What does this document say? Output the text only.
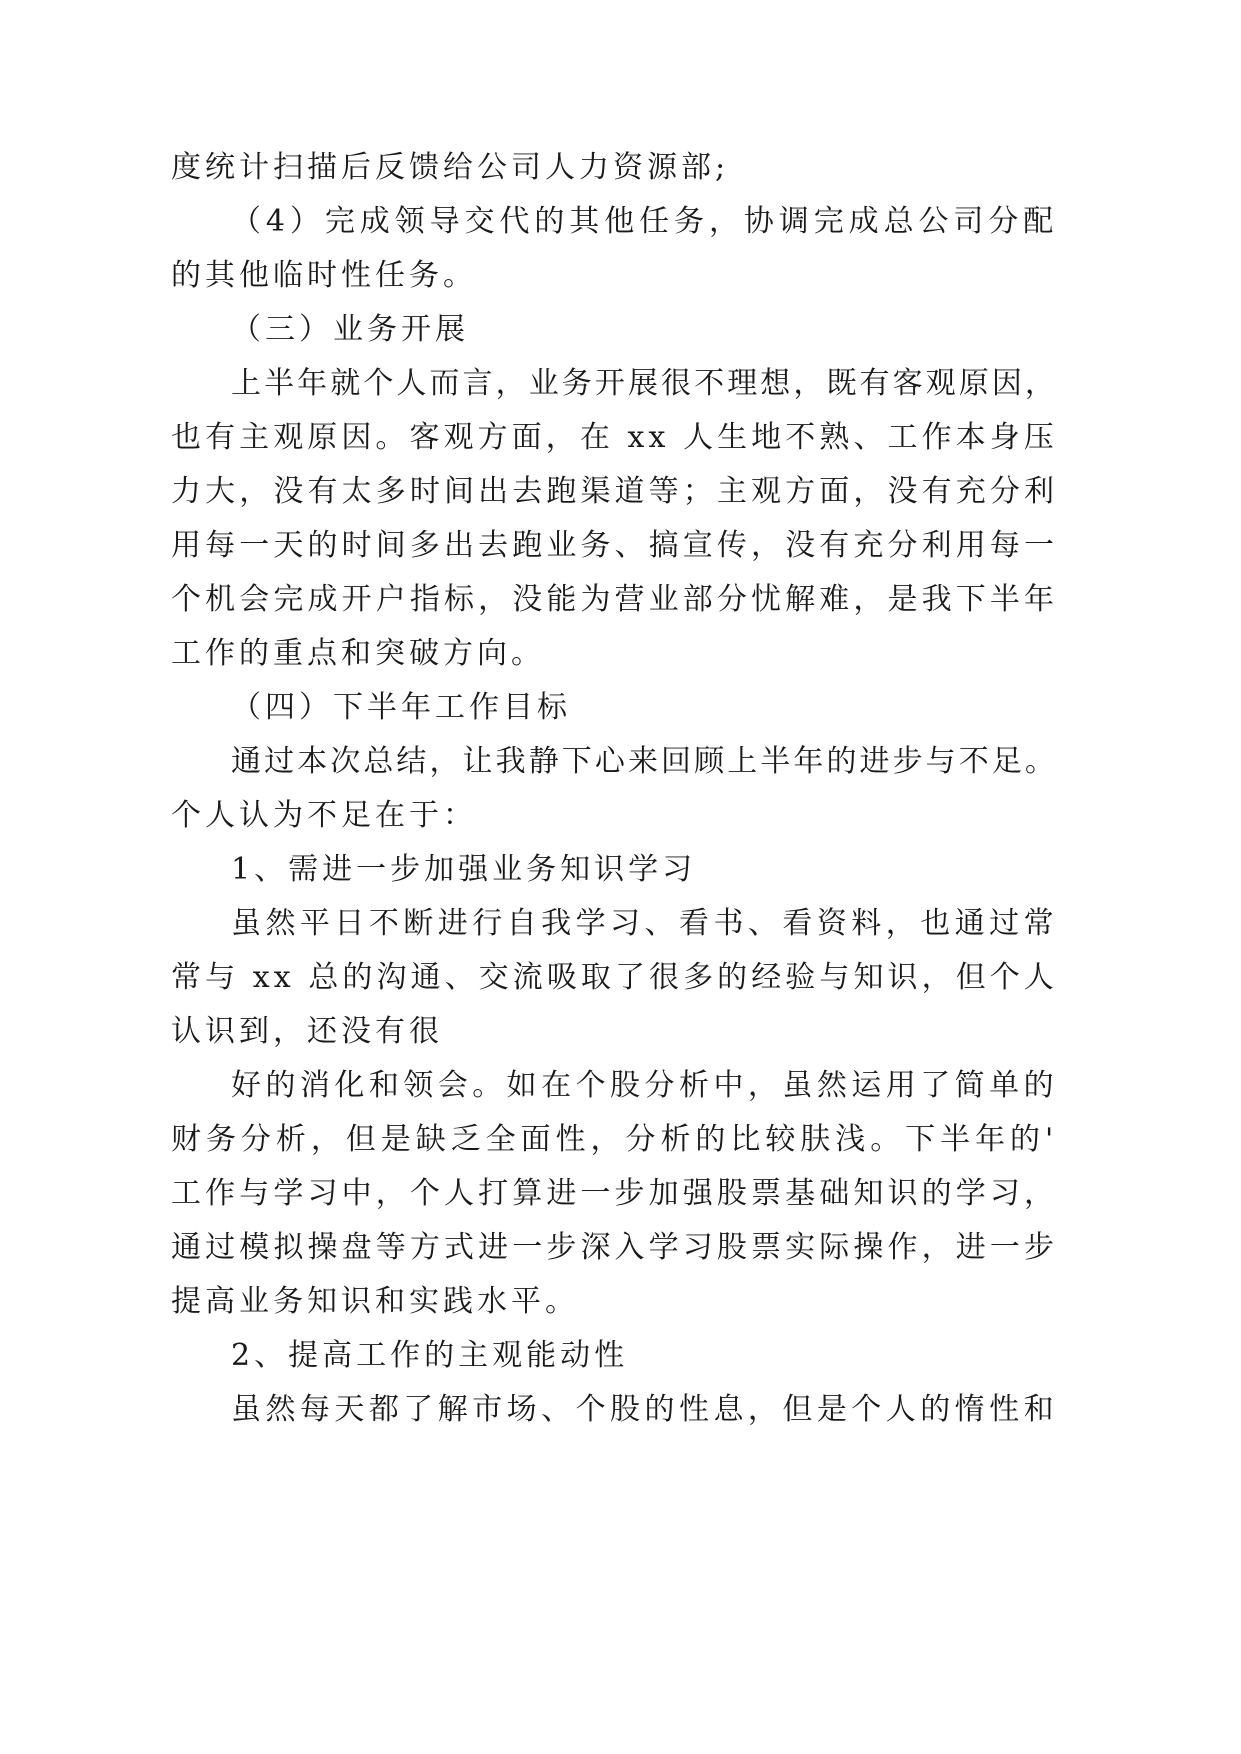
度统计扫描后反馈给公司人力资源部;
（4）完成领导交代的其他任务，协调完成总公司分配
的其他临时性任务。
（三）业务开展
上半年就个人而言，业务开展很不理想，既有客观原因，
也有主观原因。客观方面，在 xx 人生地不熟、工作本身压
力大，没有太多时间出去跑渠道等；主观方面，没有充分利
用每一天的时间多出去跑业务、搞宣传，没有充分利用每一
个机会完成开户指标，没能为营业部分忧解难，是我下半年
工作的重点和突破方向。
（四）下半年工作目标
通过本次总结，让我静下心来回顾上半年的进步与不足。
个人认为不足在于：
1、需进一步加强业务知识学习
虽然平日不断进行自我学习、看书、看资料，也通过常
常与 xx 总的沟通、交流吸取了很多的经验与知识，但个人
认识到，还没有很
好的消化和领会。如在个股分析中，虽然运用了简单的
财务分析，但是缺乏全面性，分析的比较肤浅。下半年的'
工作与学习中，个人打算进一步加强股票基础知识的学习，
通过模拟操盘等方式进一步深入学习股票实际操作，进一步
提高业务知识和实践水平。
2、提高工作的主观能动性
虽然每天都了解市场、个股的性息，但是个人的惰性和
